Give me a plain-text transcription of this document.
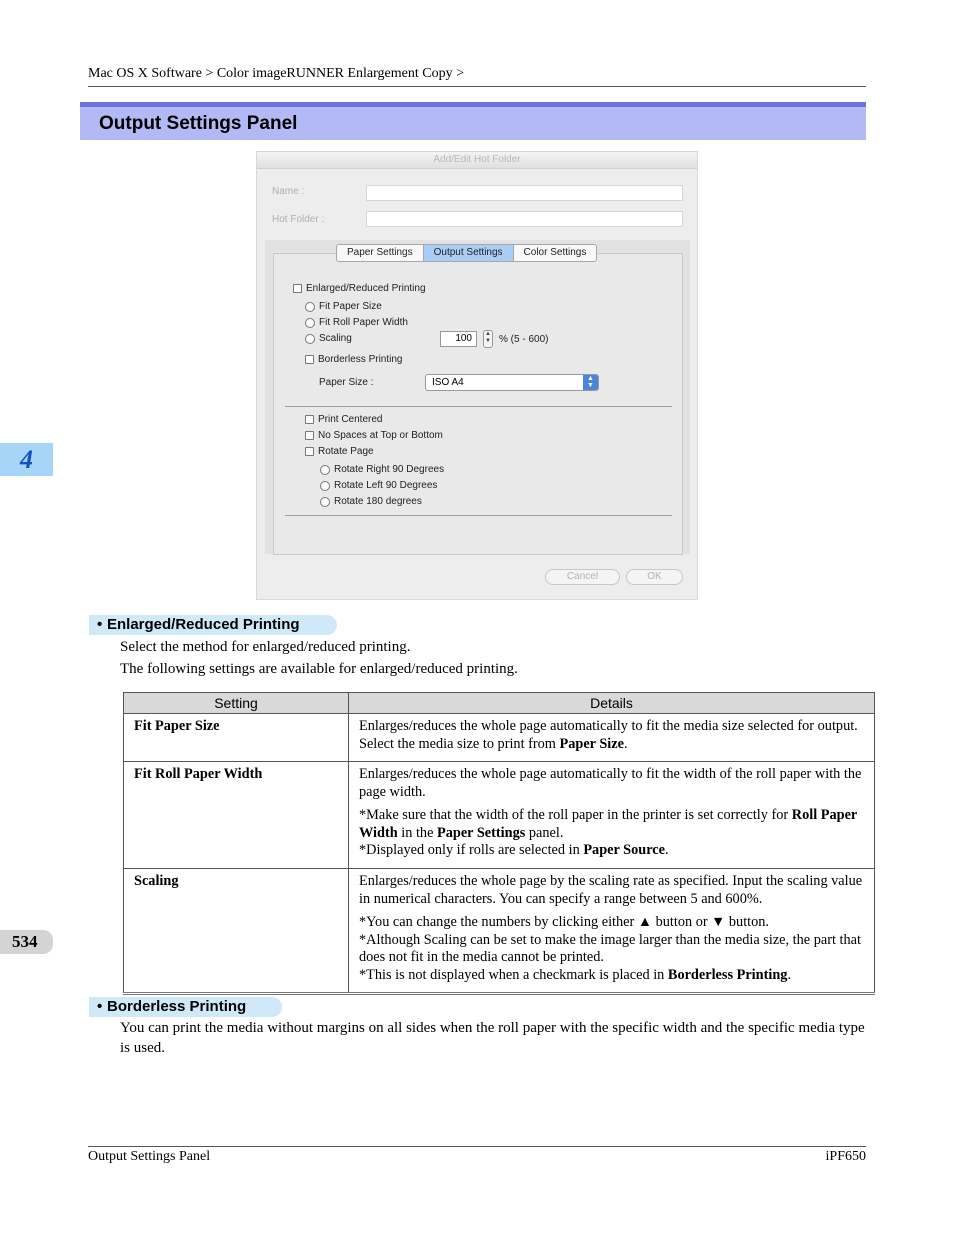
Mac OS X Software > Color imageRUNNER Enlargement Copy >
Output Settings Panel
Add/Edit Hot Folder
Name :
Hot Folder :
Enlarged/Reduced Printing
Fit Paper Size
Fit Roll Paper Width
Scaling	100	▲
▼ % (5 - 600)
Borderless Printing
Paper Size :	ISO A4	▲
▼
Print Centered
No Spaces at Top or Bottom
Rotate Page
Rotate Right 90 Degrees
Rotate Left 90 Degrees
Rotate 180 degrees
Paper Settings	Output Settings	Color Settings
Cancel	OK
• Enlarged/Reduced Printing
Select the method for enlarged/reduced printing.
The following settings are available for enlarged/reduced printing.
Setting	Details
Fit Paper Size	Enlarges/reduces the whole page automatically to fit the media size selected for output. Select the media size to print from Paper Size.

Fit Roll Paper Width	Enlarges/reduces the whole page automatically to fit the width of the roll paper with the page width.

*Make sure that the width of the roll paper in the printer is set correctly for Roll Paper Width in the Paper Settings panel.
*Displayed only if rolls are selected in Paper Source.

Scaling	Enlarges/reduces the whole page by the scaling rate as specified. Input the scaling value in numerical characters. You can specify a range between 5 and 600%.

*You can change the numbers by clicking either ▲ button or ▼ button.
*Although Scaling can be set to make the image larger than the media size, the part that does not fit in the media cannot be printed.
*This is not displayed when a checkmark is placed in Borderless Printing.

• Borderless Printing
You can print the media without margins on all sides when the roll paper with the specific width and the specific media type is used.
4
534
Output Settings Panel	iPF650
